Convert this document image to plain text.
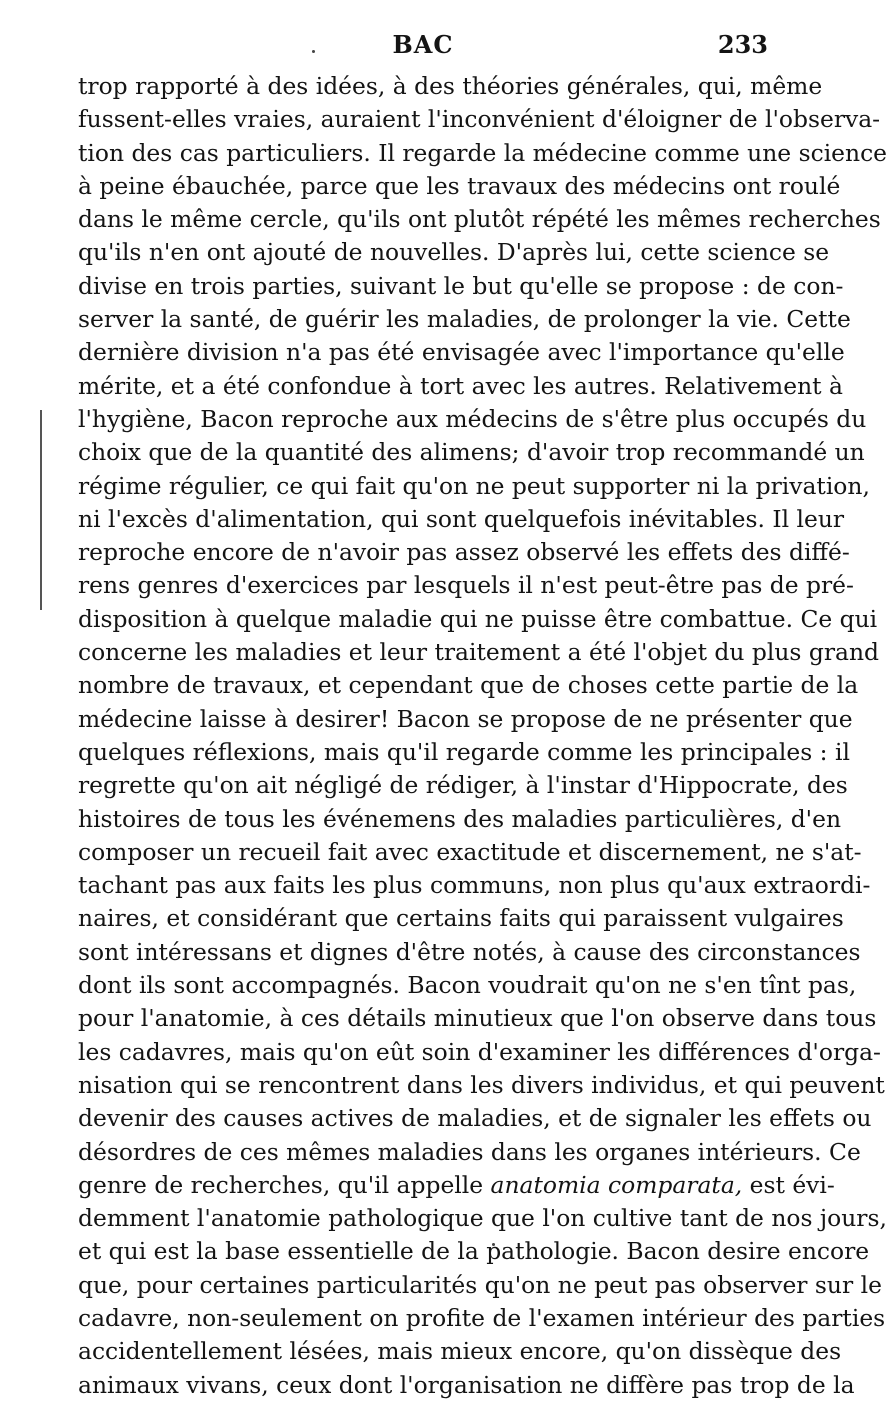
BAC	233
trop rapporté à des idées, à des théories générales, qui, même
fussent-elles vraies, auraient l'inconvénient d'éloigner de l'observa-
tion des cas particuliers. Il regarde la médecine comme une science
à peine ébauchée, parce que les travaux des médecins ont roulé
dans le même cercle, qu'ils ont plutôt répété les mêmes recherches
qu'ils n'en ont ajouté de nouvelles. D'après lui, cette science se
divise en trois parties, suivant le but qu'elle se propose : de con-
server la santé, de guérir les maladies, de prolonger la vie. Cette
dernière division n'a pas été envisagée avec l'importance qu'elle
mérite, et a été confondue à tort avec les autres. Relativement à
l'hygiène, Bacon reproche aux médecins de s'être plus occupés du
choix que de la quantité des alimens; d'avoir trop recommandé un
régime régulier, ce qui fait qu'on ne peut supporter ni la privation,
ni l'excès d'alimentation, qui sont quelquefois inévitables. Il leur
reproche encore de n'avoir pas assez observé les effets des diffé-
rens genres d'exercices par lesquels il n'est peut-être pas de pré-
disposition à quelque maladie qui ne puisse être combattue. Ce qui
concerne les maladies et leur traitement a été l'objet du plus grand
nombre de travaux, et cependant que de choses cette partie de la
médecine laisse à desirer! Bacon se propose de ne présenter que
quelques réflexions, mais qu'il regarde comme les principales : il
regrette qu'on ait négligé de rédiger, à l'instar d'Hippocrate, des
histoires de tous les événemens des maladies particulières, d'en
composer un recueil fait avec exactitude et discernement, ne s'at-
tachant pas aux faits les plus communs, non plus qu'aux extraordi-
naires, et considérant que certains faits qui paraissent vulgaires
sont intéressans et dignes d'être notés, à cause des circonstances
dont ils sont accompagnés. Bacon voudrait qu'on ne s'en tînt pas,
pour l'anatomie, à ces détails minutieux que l'on observe dans tous
les cadavres, mais qu'on eût soin d'examiner les différences d'orga-
nisation qui se rencontrent dans les divers individus, et qui peuvent
devenir des causes actives de maladies, et de signaler les effets ou
désordres de ces mêmes maladies dans les organes intérieurs. Ce
genre de recherches, qu'il appelle anatomia comparata, est évi-
demment l'anatomie pathologique que l'on cultive tant de nos jours,
et qui est la base essentielle de la pathologie. Bacon desire encore
que, pour certaines particularités qu'on ne peut pas observer sur le
cadavre, non-seulement on profite de l'examen intérieur des parties
accidentellement lésées, mais mieux encore, qu'on dissèque des
animaux vivans, ceux dont l'organisation ne diffère pas trop de la
